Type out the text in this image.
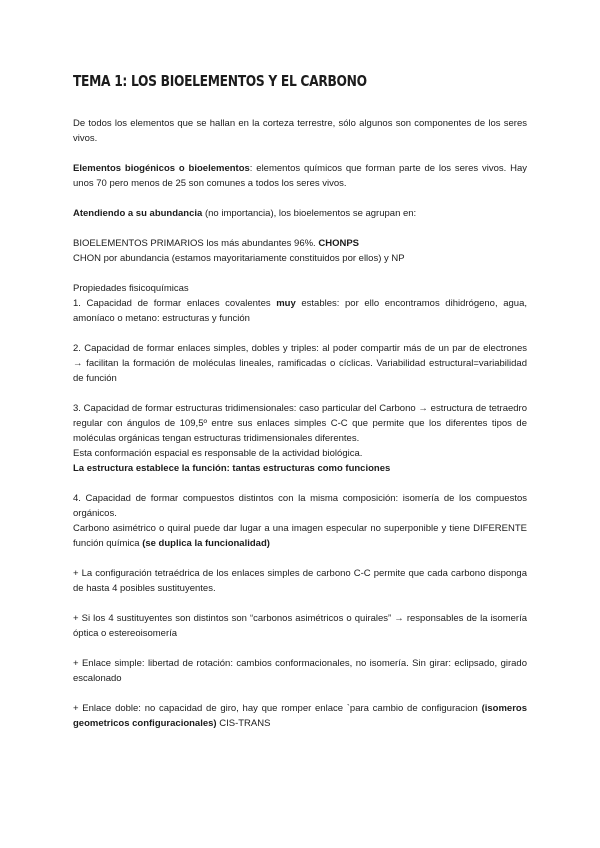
TEMA 1: LOS BIOELEMENTOS Y EL CARBONO

De todos los elementos que se hallan en la corteza terrestre, sólo algunos son componentes de los seres vivos.

Elementos biogénicos o bioelementos: elementos químicos que forman parte de los seres vivos. Hay unos 70 pero menos de 25 son comunes a todos los seres vivos.

Atendiendo a su abundancia (no importancia), los bioelementos se agrupan en:

BIOELEMENTOS PRIMARIOS los más abundantes 96%. CHONPS
CHON por abundancia (estamos mayoritariamente constituidos por ellos) y NP

Propiedades fisicoquímicas
1. Capacidad de formar enlaces covalentes muy estables: por ello encontramos dihidrógeno, agua, amoníaco o metano: estructuras y función

2. Capacidad de formar enlaces simples, dobles y triples: al poder compartir más de un par de electrones → facilitan la formación de moléculas lineales, ramificadas o cíclicas. Variabilidad estructural=variabilidad de función

3. Capacidad de formar estructuras tridimensionales: caso particular del Carbono → estructura de tetraedro regular con ángulos de 109,5º entre sus enlaces simples C-C que permite que los diferentes tipos de moléculas orgánicas tengan estructuras tridimensionales diferentes.
Esta conformación espacial es responsable de la actividad biológica.
La estructura establece la función: tantas estructuras como funciones

4. Capacidad de formar compuestos distintos con la misma composición: isomería de los compuestos orgánicos.
Carbono asimétrico o quiral puede dar lugar a una imagen especular no superponible y tiene DIFERENTE función química (se duplica la funcionalidad)

+ La configuración tetraédrica de los enlaces simples de carbono C-C permite que cada carbono disponga de hasta 4 posibles sustituyentes.

+ Si los 4 sustituyentes son distintos son “carbonos asimétricos o quirales” → responsables de la isomería óptica o estereoisomería

+ Enlace simple: libertad de rotación: cambios conformacionales, no isomería. Sin girar: eclipsado, girado escalonado

+ Enlace doble: no capacidad de giro, hay que romper enlace `para cambio de configuracion (isomeros geometricos configuracionales) CIS-TRANS
